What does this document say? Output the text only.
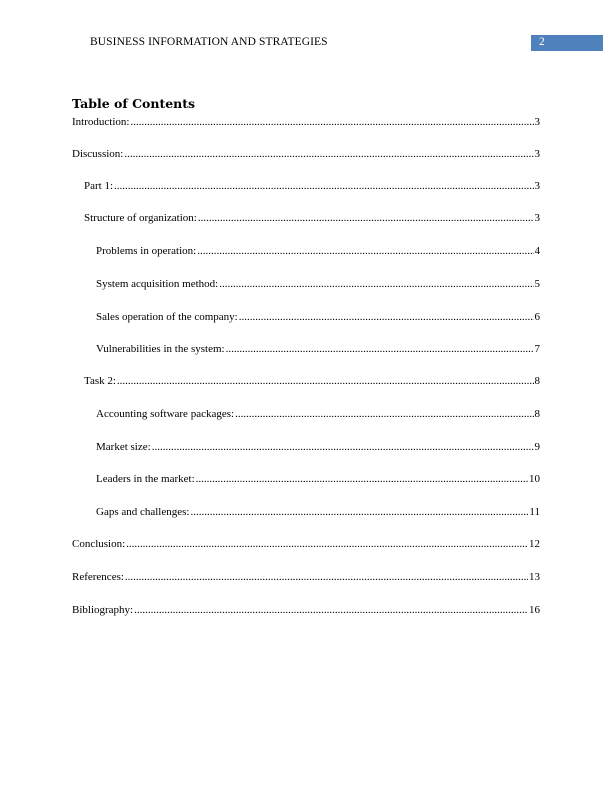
BUSINESS INFORMATION AND STRATEGIES	2
Table of Contents
Introduction: .....	3
Discussion: .....	3
Part 1: .....	3
Structure of organization: .....	3
Problems in operation: .....	4
System acquisition method: .....	5
Sales operation of the company: .....	6
Vulnerabilities in the system: .....	7
Task 2: .....	8
Accounting software packages: .....	8
Market size: .....	9
Leaders in the market: .....	10
Gaps and challenges: .....	11
Conclusion: .....	12
References: .....	13
Bibliography: .....	16
